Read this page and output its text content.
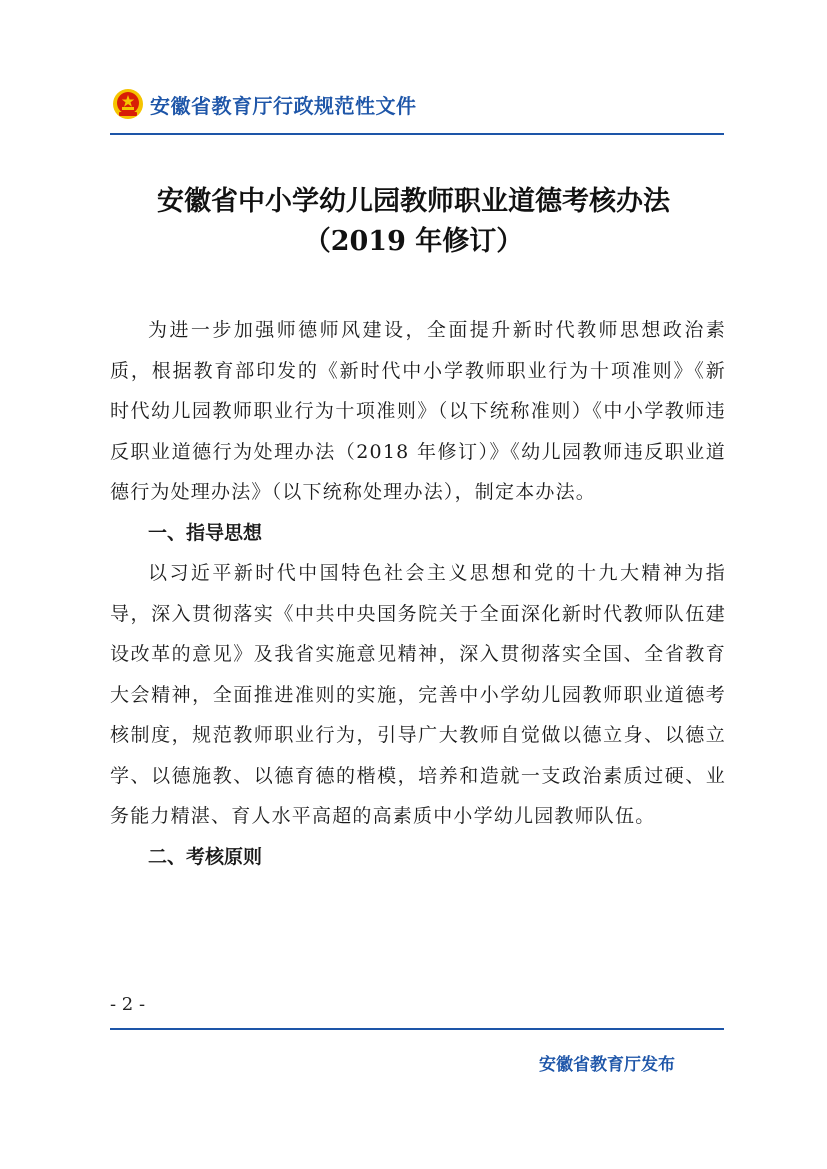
安徽省教育厅行政规范性文件
安徽省中小学幼儿园教师职业道德考核办法
（2019 年修订）

为进一步加强师德师风建设，全面提升新时代教师思想政治素质，根据教育部印发的《新时代中小学教师职业行为十项准则》《新时代幼儿园教师职业行为十项准则》（以下统称准则）《中小学教师违反职业道德行为处理办法（2018 年修订）》《幼儿园教师违反职业道德行为处理办法》（以下统称处理办法），制定本办法。

一、指导思想

以习近平新时代中国特色社会主义思想和党的十九大精神为指导，深入贯彻落实《中共中央国务院关于全面深化新时代教师队伍建设改革的意见》及我省实施意见精神，深入贯彻落实全国、全省教育大会精神，全面推进准则的实施，完善中小学幼儿园教师职业道德考核制度，规范教师职业行为，引导广大教师自觉做以德立身、以德立学、以德施教、以德育德的楷模，培养和造就一支政治素质过硬、业务能力精湛、育人水平高超的高素质中小学幼儿园教师队伍。

二、考核原则
- 2 -
安徽省教育厅发布
